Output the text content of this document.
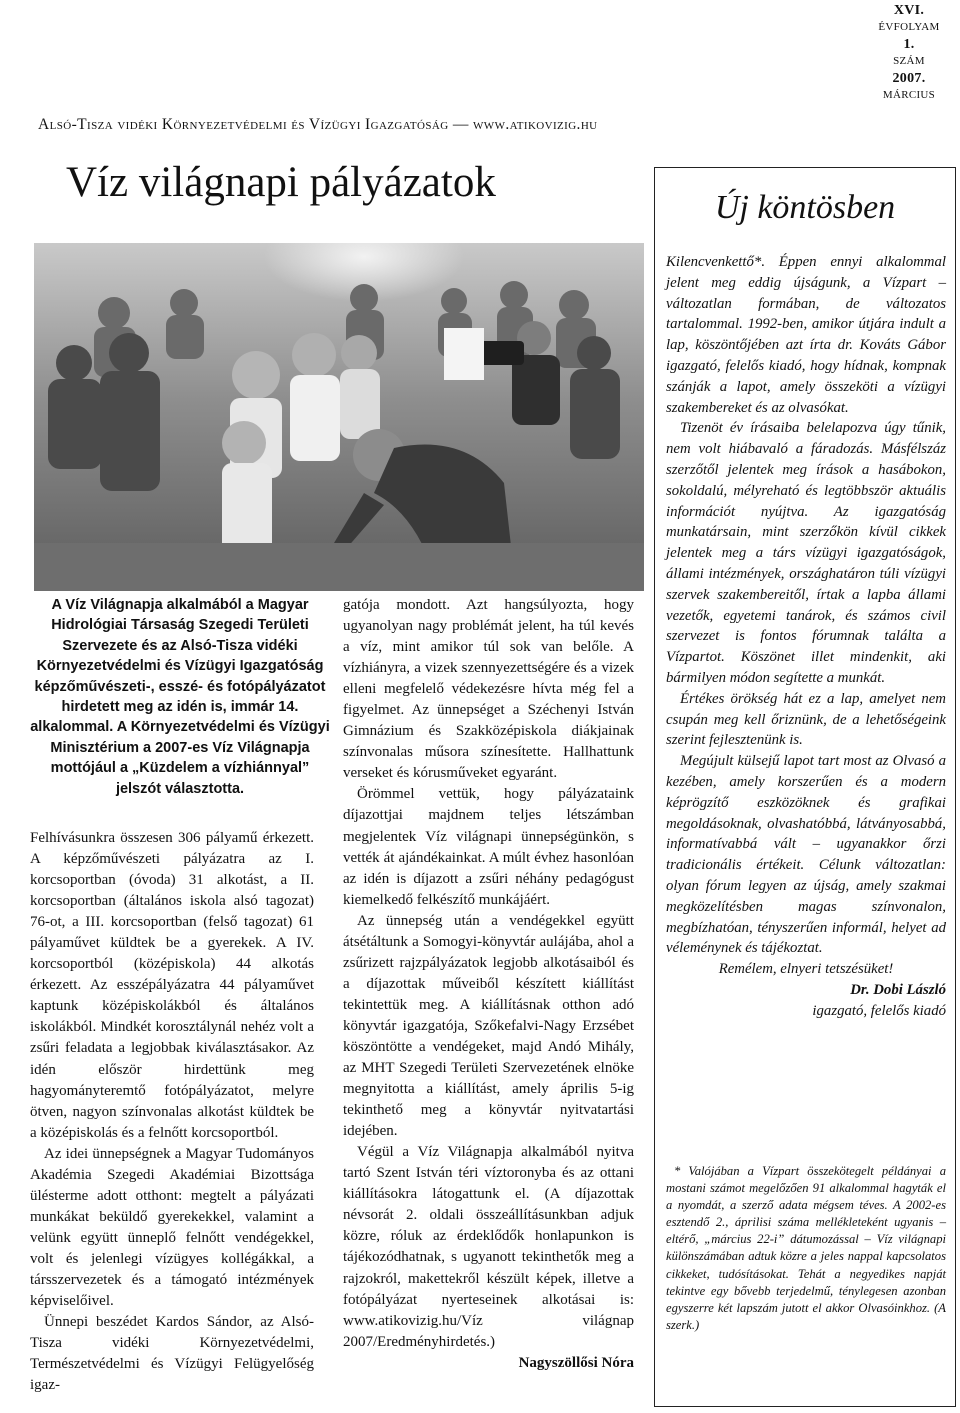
XVI.
ÉVFOLYAM
1.
SZÁM
2007.
MÁRCIUS
Alsó-Tisza vidéki Környezetvédelmi és Vízügyi Igazgatóság — www.atikovizig.hu
Víz világnapi pályázatok
Új köntösben
A Víz Világnapja alkalmából a Magyar Hidrológiai Társaság Szegedi Területi Szervezete és az Alsó-Tisza vidéki Környezetvédelmi és Vízügyi Igazgatóság képzőművészeti-, esszé- és fotópályázatot hirdetett meg az idén is, immár 14. alkalommal. A Környezetvédelmi és Vízügyi Minisztérium a 2007-es Víz Világnapja mottójául a „Küzdelem a vízhiánnyal” jelszót választotta.

Felhívásunkra összesen 306 pályamű érkezett. A képzőművészeti pályázatra az I. korcsoportban (óvoda) 31 alkotást, a II. korcsoportban (általános iskola alsó tagozat) 76-ot, a III. korcsoportban (felső tagozat) 61 pályaművet küldtek be a gyerekek. A IV. korcsoportból (középiskola) 44 alkotás érkezett. Az esszépályázatra 44 pályaművet kaptunk középiskolákból és általános iskolákból. Mindkét korosztálynál nehéz volt a zsűri feladata a legjobbak kiválasztásakor. Az idén először hirdettünk meg hagyományteremtő fotópályázatot, melyre ötven, nagyon színvonalas alkotást küldtek be a középiskolás és a felnőtt korcsoportból.

Az idei ünnepségnek a Magyar Tudományos Akadémia Szegedi Akadémiai Bizottsága ülésterme adott otthont: megtelt a pályázati munkákat beküldő gyerekekkel, valamint a velünk együtt ünneplő felnőtt vendégekkel, volt és jelenlegi vízügyes kollégákkal, a társszervezetek és a támogató intézmények képviselőivel.

Ünnepi beszédet Kardos Sándor, az Alsó-Tisza vidéki Környezetvédelmi, Természetvédelmi és Vízügyi Felügyelőség igaz-

gatója mondott. Azt hangsúlyozta, hogy ugyanolyan nagy problémát jelent, ha túl kevés a víz, mint amikor túl sok van belőle. A vízhiányra, a vizek szennyezettségére és a vizek elleni megfelelő védekezésre hívta még fel a figyelmet. Az ünnepséget a Széchenyi István Gimnázium és Szakközépiskola diákjainak színvonalas műsora színesítette. Hallhattunk verseket és kórusműveket egyaránt.

Örömmel vettük, hogy pályázataink díjazottjai majdnem teljes létszámban megjelentek Víz világnapi ünnepségünkön, s vették át ajándékainkat. A múlt évhez hasonlóan az idén is díjazott a zsűri néhány pedagógust kiemelkedő felkészítő munkájáért.

Az ünnepség után a vendégekkel együtt átsétáltunk a Somogyi-könyvtár aulájába, ahol a zsűrizett rajzpályázatok legjobb alkotásaiból és a díjazottak műveiből készített kiállítást tekintettük meg. A kiállításnak otthon adó könyvtár igazgatója, Szőkefalvi-Nagy Erzsébet köszöntötte a vendégeket, majd Andó Mihály, az MHT Szegedi Területi Szervezetének elnöke megnyitotta a kiállítást, amely április 5-ig tekinthető meg a könyvtár nyitvatartási idejében.

Végül a Víz Világnapja alkalmából nyitva tartó Szent István téri víztoronyba és az ottani kiállításokra látogattunk el. (A díjazottak névsorát 2. oldali összeállításunkban adjuk közre, róluk az érdeklődők honlapunkon is tájékozódhatnak, s ugyanott tekinthetők meg a rajzokról, makettekről készült képek, illetve a fotópályázat nyerteseinek alkotásai is: www.atikovizig.hu/Víz világnap 2007/Eredményhirdetés.)

Nagyszöllősi Nóra

Kilencvenkettő*. Éppen ennyi alkalommal jelent meg eddig újságunk, a Vízpart – változatlan formában, de változatos tartalommal. 1992-ben, amikor útjára indult a lap, köszöntőjében azt írta dr. Kováts Gábor igazgató, felelős kiadó, hogy hídnak, kompnak szánják a lapot, amely összeköti a vízügyi szakembereket és az olvasókat.

Tizenöt év írásaiba belelapozva úgy tűnik, nem volt hiábavaló a fáradozás. Másfélszáz szerzőtől jelentek meg írások a hasábokon, sokoldalú, mélyreható és legtöbbször aktuális információt nyújtva. Az igazgatóság munkatársain, mint szerzőkön kívül cikkek jelentek meg a társ vízügyi igazgatóságok, állami intézmények, országhatáron túli vízügyi szervek szakembereitől, írtak a lapba állami vezetők, egyetemi tanárok, és számos civil szervezet is fontos fórumnak találta a Vízpartot. Köszönet illet mindenkit, aki bármilyen módon segítette a munkát.

Értékes örökség hát ez a lap, amelyet nem csupán meg kell őriznünk, de a lehetőségeink szerint fejlesztenünk is.

Megújult külsejű lapot tart most az Olvasó a kezében, amely korszerűen és a modern képrögzítő eszközöknek és grafikai megoldásoknak, olvashatóbbá, látványosabbá, informatívabbá vált – ugyanakkor őrzi tradicionális értékeit. Célunk változatlan: olyan fórum legyen az újság, amely szakmai megközelítésben magas színvonalon, megbízhatóan, tényszerűen informál, helyet ad véleménynek és tájékoztat.

Remélem, elnyeri tetszésüket!

Dr. Dobi László

igazgató, felelős kiadó

* Valójában a Vízpart összekötegelt példányai a mostani számot megelőzően 91 alkalommal hagyták el a nyomdát, a szerző adata mégsem téves. A 2002-es esztendő 2., áprilisi száma mellékleteként ugyanis – eltérő, „március 22-i” dátumozással – Víz világnapi különszámában adtuk közre a jeles nappal kapcsolatos cikkeket, tudósításokat. Tehát a negyedikes napját tekintve egy bővebb terjedelmű, ténylegesen azonban egyszerre két lapszám jutott el akkor Olvasóinkhoz. (A szerk.)
